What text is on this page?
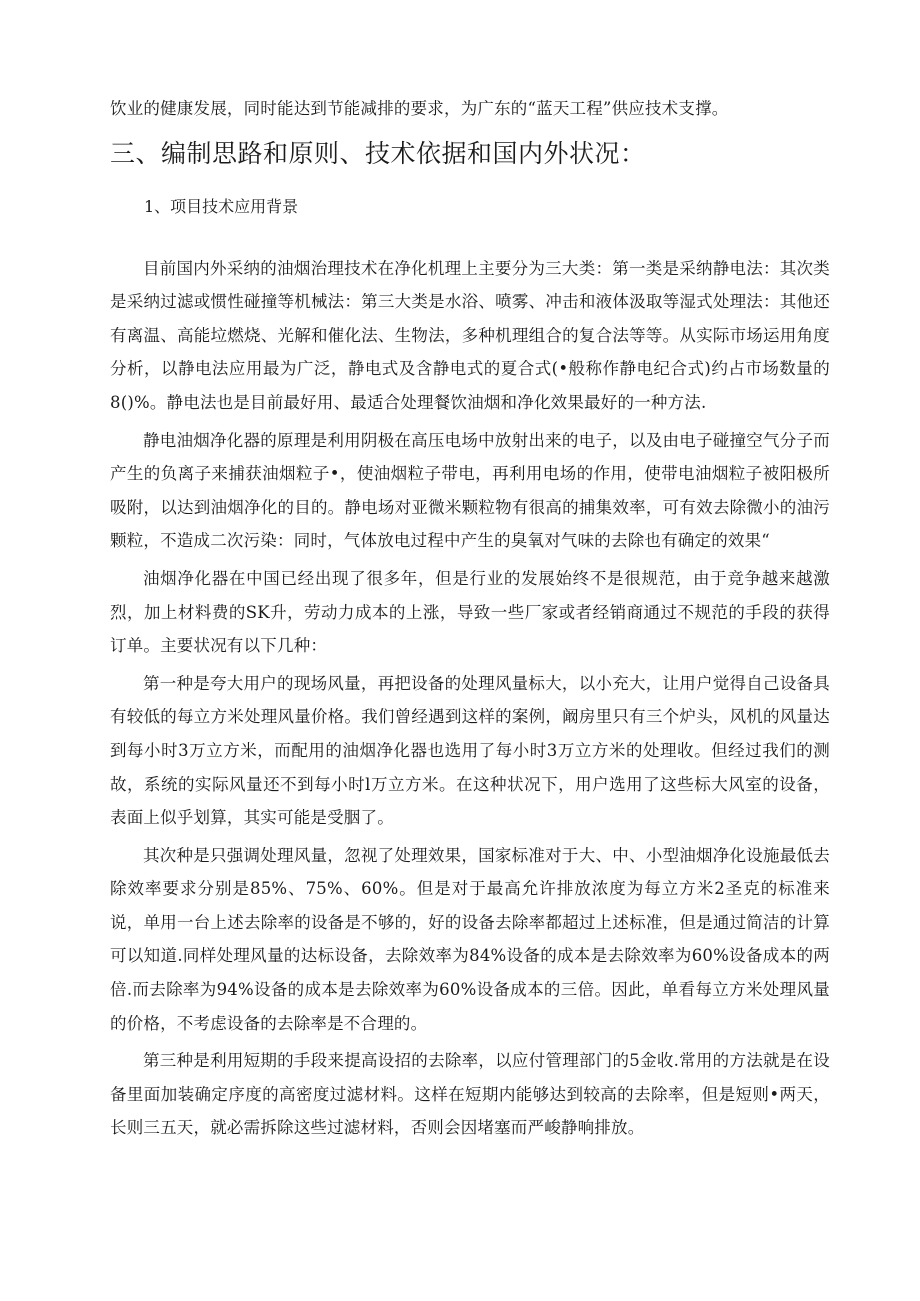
饮业的健康发展，同时能达到节能减排的要求，为广东的“蓝天工程”供应技术支撑。

三、编制思路和原则、技术依据和国内外状况：
1、项目技术应用背景

目前国内外采纳的油烟治理技术在净化机理上主要分为三大类：第一类是采纳静电法：其次类是采纳过滤或惯性碰撞等机械法：第三大类是水浴、喷雾、冲击和液体汲取等湿式处理法：其他还有离温、高能垃燃烧、光解和催化法、生物法，多种机理组合的复合法等等。从实际市场运用角度分析，以静电法应用最为广泛，静电式及含静电式的夏合式(•般称作静电纪合式)约占市场数量的8()%。静电法也是目前最好用、最适合处理餐饮油烟和净化效果最好的一种方法.

静电油烟净化器的原理是利用阴极在高压电场中放射出来的电子，以及由电子碰撞空气分子而产生的负离子来捕获油烟粒子•，使油烟粒子带电，再利用电场的作用，使带电油烟粒子被阳极所吸附，以达到油烟净化的目的。静电场对亚微米颗粒物有很高的捕集效率，可有效去除微小的油污颗粒，不造成二次污染：同时，气体放电过程中产生的臭氧对气味的去除也有确定的效果“

油烟净化器在中国已经出现了很多年，但是行业的发展始终不是很规范，由于竞争越来越激烈，加上材料费的SK升，劳动力成本的上涨，导致一些厂家或者经销商通过不规范的手段的获得订单。主要状况有以下几种：

第一种是夸大用户的现场风量，再把设备的处理风量标大，以小充大，让用户觉得自己设备具有较低的每立方米处理风量价格。我们曾经遇到这样的案例，阚房里只有三个炉头，风机的风量达到每小时3万立方米，而配用的油烟净化器也选用了每小时3万立方米的处理收。但经过我们的测故，系统的实际风量还不到每小时l万立方米。在这种状况下，用户选用了这些标大风室的设备，表面上似乎划算，其实可能是受胭了。

其次种是只强调处理风量，忽视了处理效果，国家标准对于大、中、小型油烟净化设施最低去除效率要求分别是85%、75%、60%。但是对于最高允许排放浓度为每立方米2圣克的标准来说，单用一台上述去除率的设备是不够的，好的设备去除率都超过上述标准，但是通过简洁的计算可以知道.同样处理风量的达标设备，去除效率为84%设备的成本是去除效率为60%设备成本的两倍.而去除率为94%设备的成本是去除效率为60%设备成本的三倍。因此，单看每立方米处理风量的价格，不考虑设备的去除率是不合理的。

第三种是利用短期的手段来提高设招的去除率，以应付管理部门的5金收.常用的方法就是在设备里面加装确定序度的高密度过滤材料。这样在短期内能够达到较高的去除率，但是短则•两天，长则三五天，就必需拆除这些过滤材料，否则会因堵塞而严峻静响排放。
